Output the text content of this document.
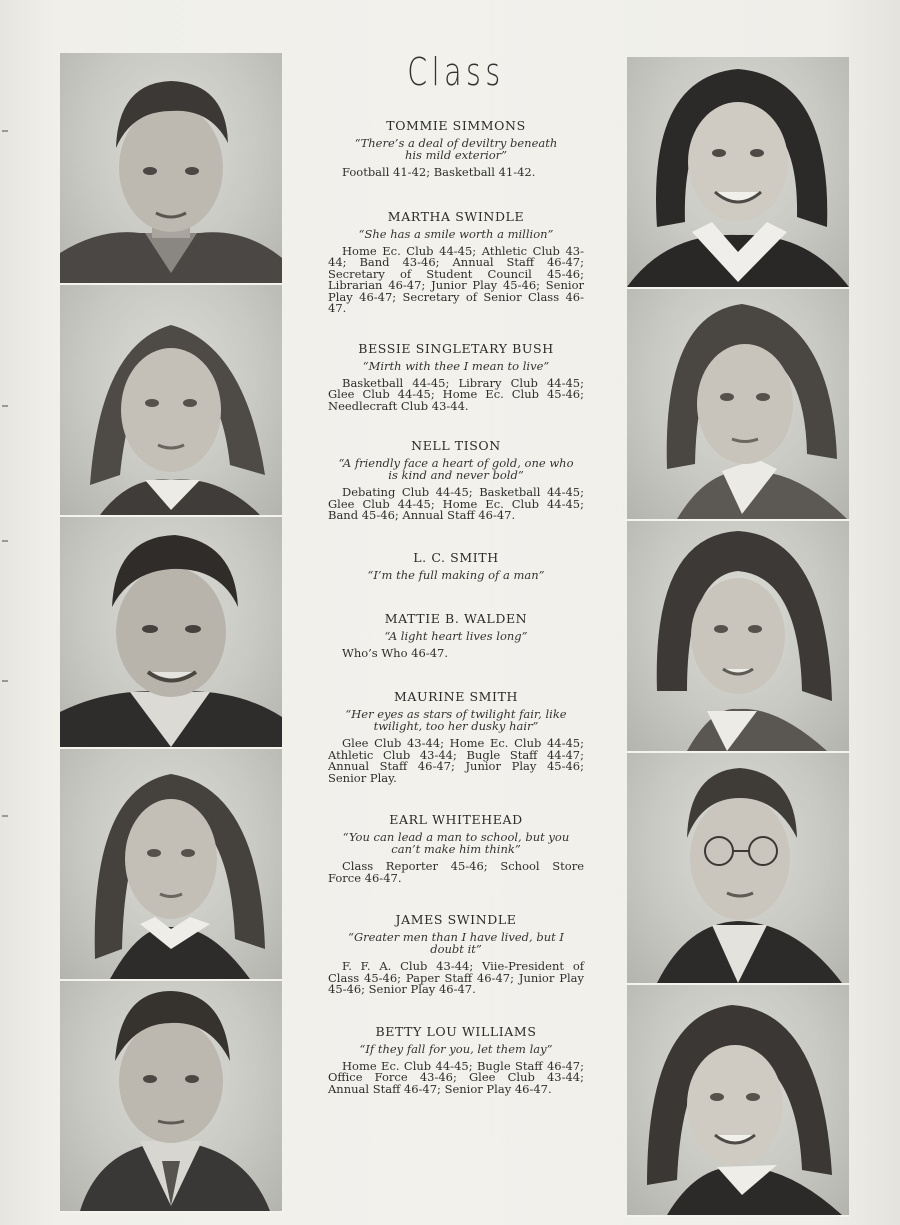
Class

TOMMIE SIMMONS

“There’s a deal of deviltry beneath his mild exterior”

Football 41-42; Basketball 41-42.

MARTHA SWINDLE

“She has a smile worth a million”

Home Ec. Club 44-45; Athletic Club 43-44; Band 43-46; Annual Staff 46-47; Secretary of Student Council 45-46; Librarian 46-47; Junior Play 45-46; Senior Play 46-47; Secretary of Senior Class 46-47.

BESSIE SINGLETARY BUSH

“Mirth with thee I mean to live”

Basketball 44-45; Library Club 44-45; Glee Club 44-45; Home Ec. Club 45-46; Needlecraft Club 43-44.

NELL TISON

“A friendly face a heart of gold, one who is kind and never bold”

Debating Club 44-45; Basketball 44-45; Glee Club 44-45; Home Ec. Club 44-45; Band 45-46; Annual Staff 46-47.

L. C. SMITH

“I’m the full making of a man”

MATTIE B. WALDEN

“A light heart lives long”

Who’s Who 46-47.

MAURINE SMITH

“Her eyes as stars of twilight fair, like twilight, too her dusky hair”

Glee Club 43-44; Home Ec. Club 44-45; Athletic Club 43-44; Bugle Staff 44-47; Annual Staff 46-47; Junior Play 45-46; Senior Play.

EARL WHITEHEAD

“You can lead a man to school, but you can’t make him think”

Class Reporter 45-46; School Store Force 46-47.

JAMES SWINDLE

“Greater men than I have lived, but I doubt it”

F. F. A. Club 43-44; Viie-President of Class 45-46; Paper Staff 46-47; Junior Play 45-46; Senior Play 46-47.

BETTY LOU WILLIAMS

“If they fall for you, let them lay”

Home Ec. Club 44-45; Bugle Staff 46-47; Office Force 43-46; Glee Club 43-44; Annual Staff 46-47; Senior Play 46-47.
